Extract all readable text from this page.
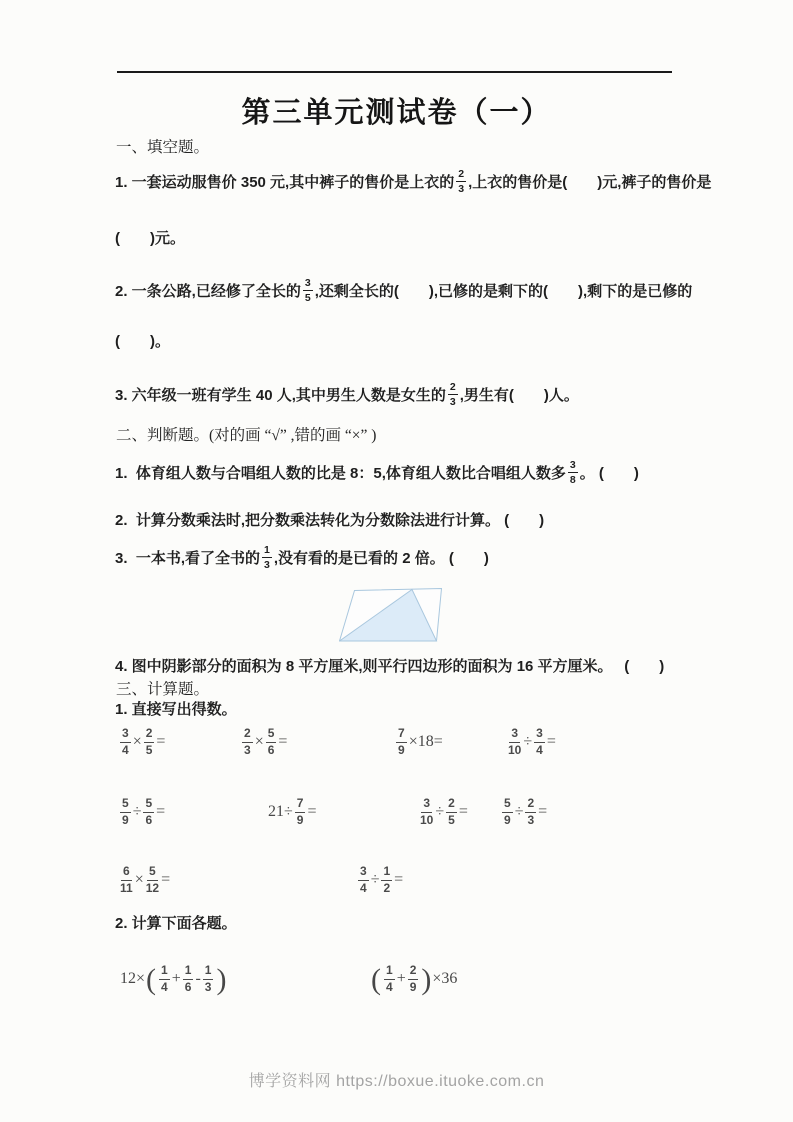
第三单元测试卷（一）
一、填空题。
1. 一套运动服售价 350 元,其中裤子的售价是上衣的 $\frac{2}{3}$ ,上衣的售价是(　　)元,裤子的售价是
(　　)元。
2. 一条公路,已经修了全长的 $\frac{3}{5}$ ,还剩全长的(　　),已修的是剩下的(　　),剩下的是已修的
(　　)。
3. 六年级一班有学生 40 人,其中男生人数是女生的 $\frac{2}{3}$ ,男生有(　　)人。
二、判断题。(对的画 “√” ,错的画 “×” )
1.  体育组人数与合唱组人数的比是 8：5,体育组人数比合唱组人数多 $\frac{3}{8}$ 。 (　　)
2.  计算分数乘法时,把分数乘法转化为分数除法进行计算。 (　　)
3.  一本书,看了全书的 $\frac{1}{3}$ ,没有看的是已看的 2 倍。 (　　)
4. 图中阴影部分的面积为 8 平方厘米,则平行四边形的面积为 16 平方厘米。　 (　　)
三、计算题。
1. 直接写出得数。
$\frac{3}{4} \times \frac{2}{5}$ =	$\frac{2}{3} \times \frac{5}{6}$ =	$\frac{7}{9} \times 18=$	$\frac{3}{10} \div \frac{3}{4}$ =
$\frac{5}{9} \div \frac{5}{6}$ =	$21\div \frac{7}{9}$ =	$\frac{3}{10} \div \frac{2}{5}$ =	$\frac{5}{9} \div \frac{2}{3}$ =
$\frac{6}{11} \times \frac{5}{12}$ =	$\frac{3}{4} \div \frac{1}{2}$ =
2. 计算下面各题。
12× ( $\frac{1}{4} + \frac{1}{6} - \frac{1}{3}$ )	( $\frac{1}{4} + \frac{2}{9}$ ) ×36
博学资料网 https://boxue.ituoke.com.cn
